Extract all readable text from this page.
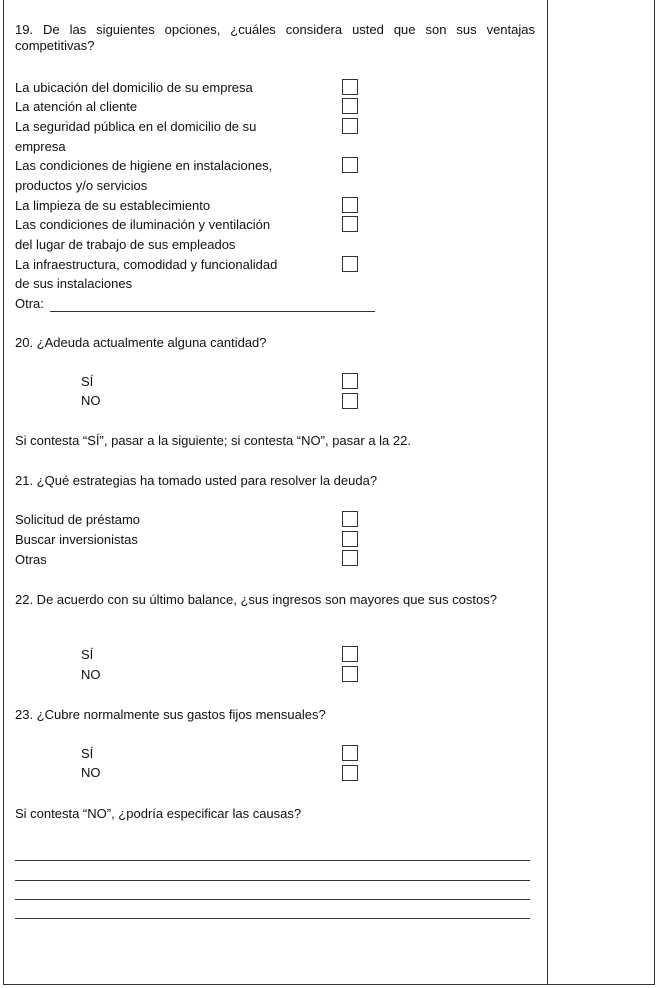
19. De las siguientes opciones, ¿cuáles considera usted que son sus ventajas competitivas?
La ubicación del domicilio de su empresa
La atención al cliente
La seguridad pública en el domicilio de su
empresa
Las condiciones de higiene en instalaciones,
productos y/o servicios
La limpieza de su establecimiento
Las condiciones de iluminación y ventilación
del lugar de trabajo de sus empleados
La infraestructura, comodidad y funcionalidad
de sus instalaciones
Otra:
20. ¿Adeuda actualmente alguna cantidad?
SÍ
NO
Si contesta “SÍ”, pasar a la siguiente; si contesta “NO”, pasar a la 22.
21. ¿Qué estrategias ha tomado usted para resolver la deuda?
Solicitud de préstamo
Buscar inversionistas
Otras
22. De acuerdo con su último balance, ¿sus ingresos son mayores que sus costos?
SÍ
NO
23. ¿Cubre normalmente sus gastos fijos mensuales?
SÍ
NO
Si contesta “NO”, ¿podría especificar las causas?
